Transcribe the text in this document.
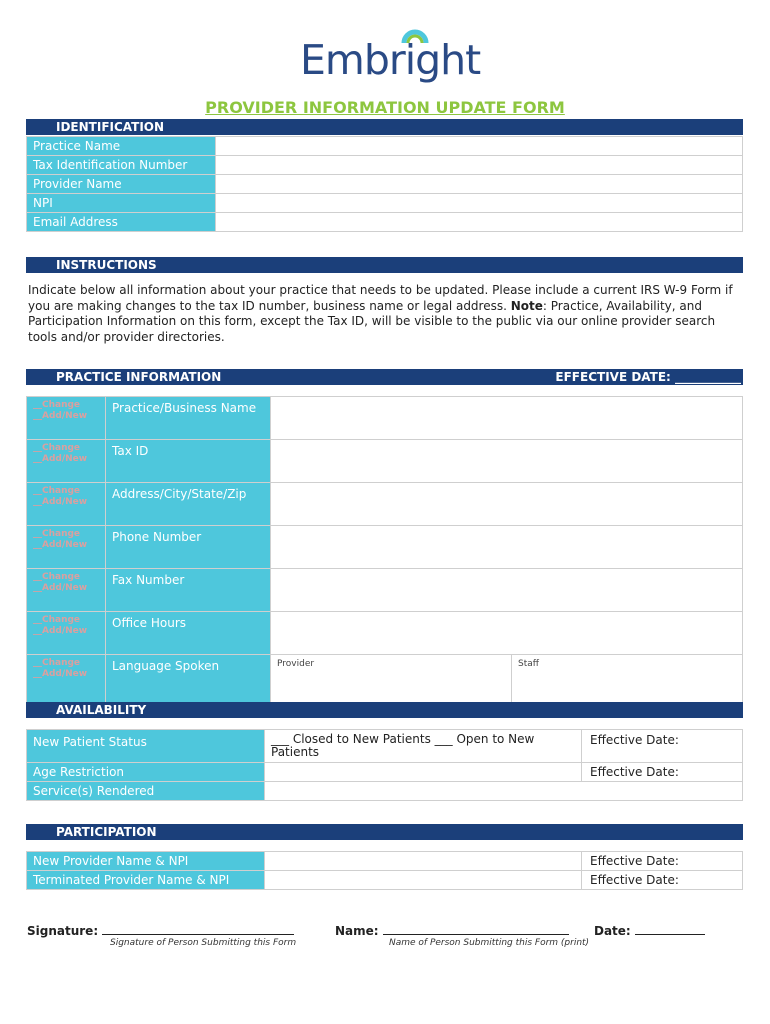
Embright
PROVIDER INFORMATION UPDATE FORM
IDENTIFICATION
Practice Name	
Tax Identification Number	
Provider Name	
NPI	
Email Address	
INSTRUCTIONS
Indicate below all information about your practice that needs to be updated. Please include a current IRS W-9 Form if you are making changes to the tax ID number, business name or legal address. Note: Practice, Availability, and Participation Information on this form, except the Tax ID, will be visible to the public via our online provider search tools and/or provider directories.
PRACTICE INFORMATION	EFFECTIVE DATE: ___________
__Change __Add/New	Practice/Business Name		
__Change __Add/New	Tax ID		
__Change __Add/New	Address/City/State/Zip		
__Change __Add/New	Phone Number		
__Change __Add/New	Fax Number		
__Change __Add/New	Office Hours		
__Change __Add/New	Language Spoken	Provider	Staff
AVAILABILITY
New Patient Status	___ Closed to New Patients ___ Open to New Patients	Effective Date:
Age Restriction		Effective Date:
Service(s) Rendered		
PARTICIPATION
New Provider Name & NPI		Effective Date:
Terminated Provider Name & NPI		Effective Date:
Signature:
Signature of Person Submitting this Form
Name:
Name of Person Submitting this Form (print)
Date:
